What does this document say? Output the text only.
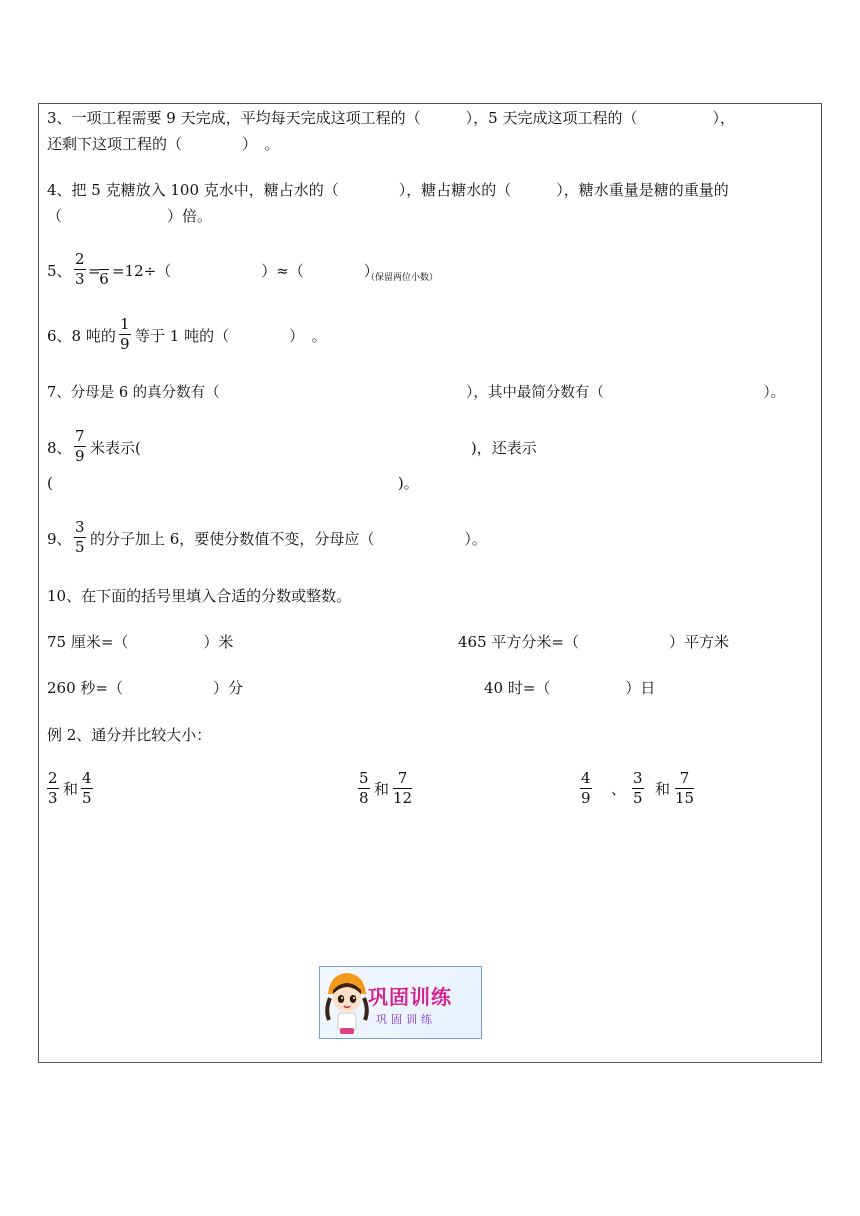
3、一项工程需要 9 天完成，平均每天完成这项工程的（　　　），5 天完成这项工程的（　　　　　），
还剩下这项工程的（　　　　）　。
4、把 5 克糖放入 100 克水中，糖占水的（　　　　），糖占糖水的（　　　），糖水重量是糖的重量的
（　　　　　　　）倍。
5、
2
3 =
6 =12÷（　　　　　　）≈（　　　　）
（保留两位小数）
6、8 吨的
1
9 等于 1 吨的（　　　　）　。
7、分母是 6 的真分数有（　　　　　　　　　　　　　　　　　），其中最简分数有（　　　　　　　　　　　）。
8、
7
9 米表示(　　　　　　　　　　　　　　　　　　　　　　)，还表示
(　　　　　　　　　　　　　　　　　　　　　　　)。
9、
3
5 的分子加上 6，要使分数值不变，分母应（　　　　　　）。
10、在下面的括号里填入合适的分数或整数。
75 厘米=（　　　　　）米	465 平方分米=（　　　　　　）平方米
260 秒=（　　　　　　）分	40 时=（　　　　　）日
例 2、通分并比较大小：
2
3 和
4
5
5
8 和
7
12
4
9 、
3
5 和
7
15
巩固训练
巩固训练
